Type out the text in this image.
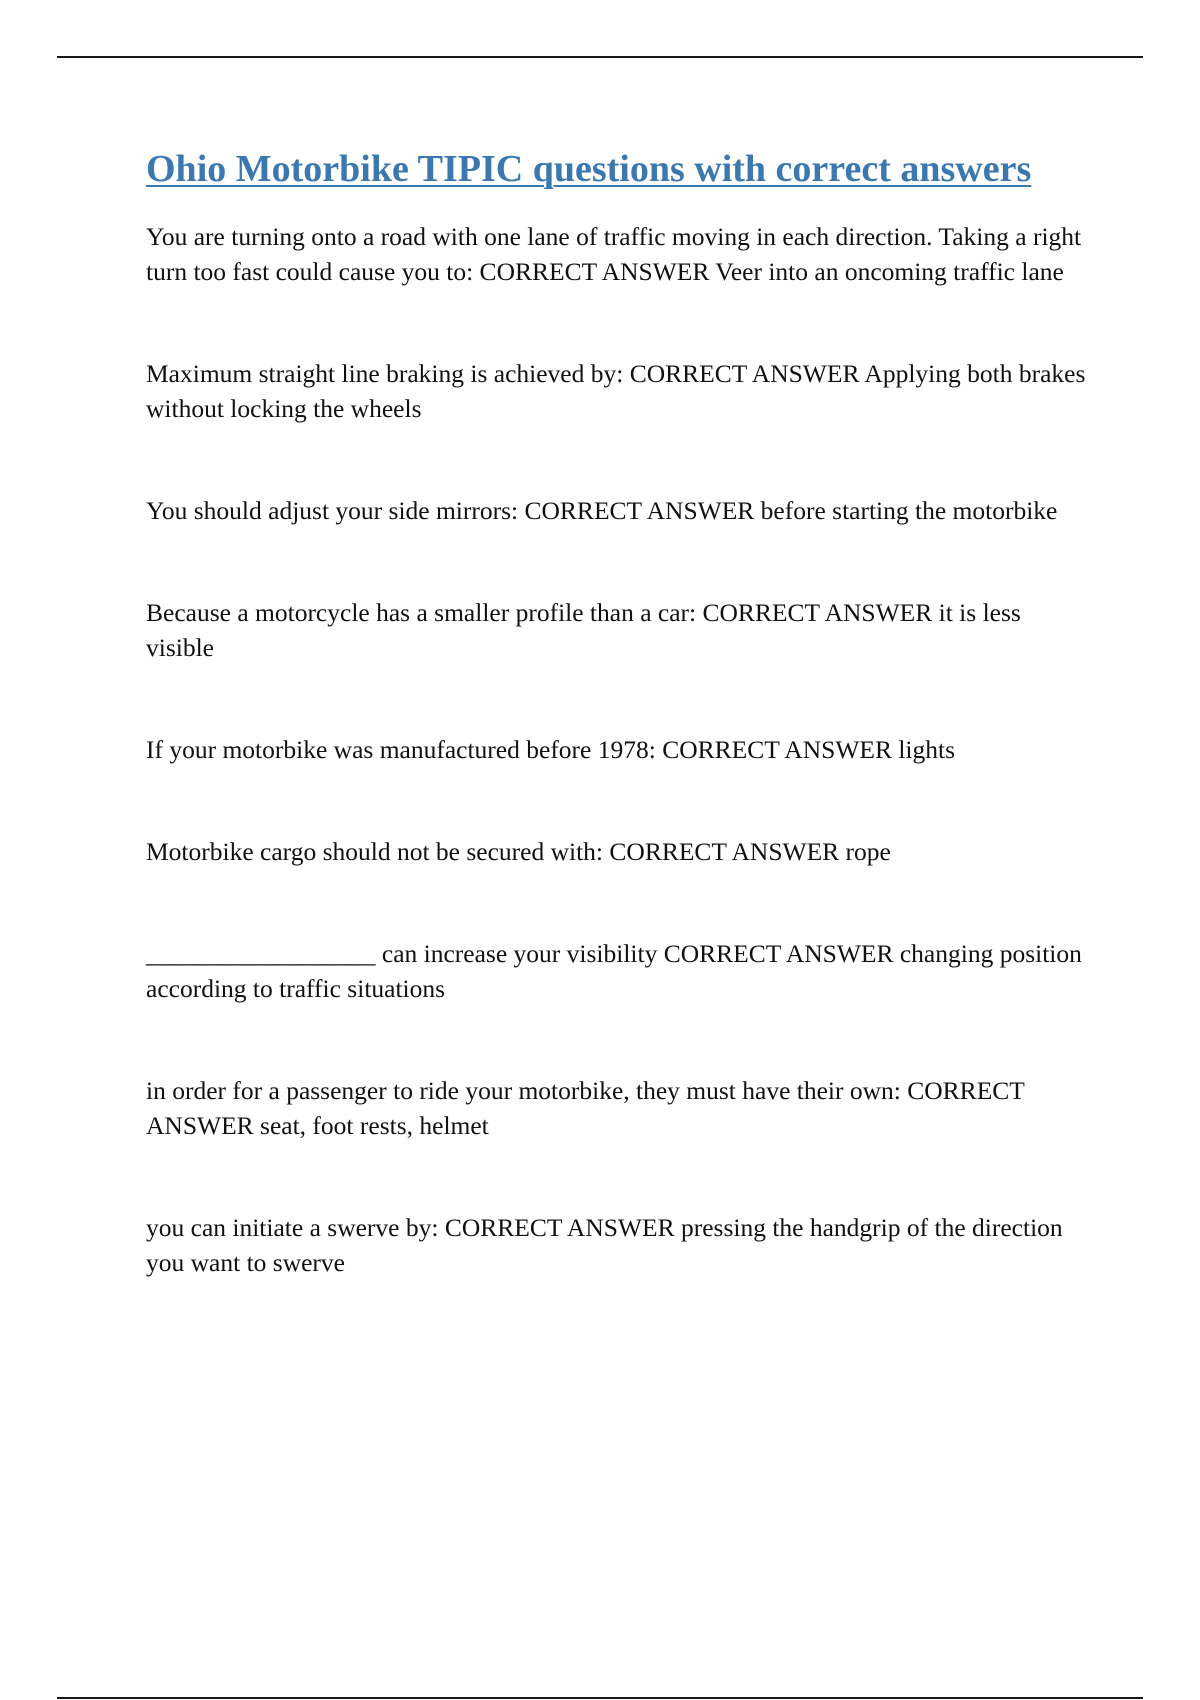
Ohio Motorbike TIPIC questions with correct answers

You are turning onto a road with one lane of traffic moving in each direction. Taking a right turn too fast could cause you to: CORRECT ANSWER Veer into an oncoming traffic lane

Maximum straight line braking is achieved by: CORRECT ANSWER Applying both brakes without locking the wheels

You should adjust your side mirrors: CORRECT ANSWER before starting the motorbike

Because a motorcycle has a smaller profile than a car: CORRECT ANSWER it is less visible

If your motorbike was manufactured before 1978: CORRECT ANSWER lights

Motorbike cargo should not be secured with: CORRECT ANSWER rope

__________________ can increase your visibility CORRECT ANSWER changing position according to traffic situations

in order for a passenger to ride your motorbike, they must have their own: CORRECT ANSWER seat, foot rests, helmet

you can initiate a swerve by: CORRECT ANSWER pressing the handgrip of the direction you want to swerve
